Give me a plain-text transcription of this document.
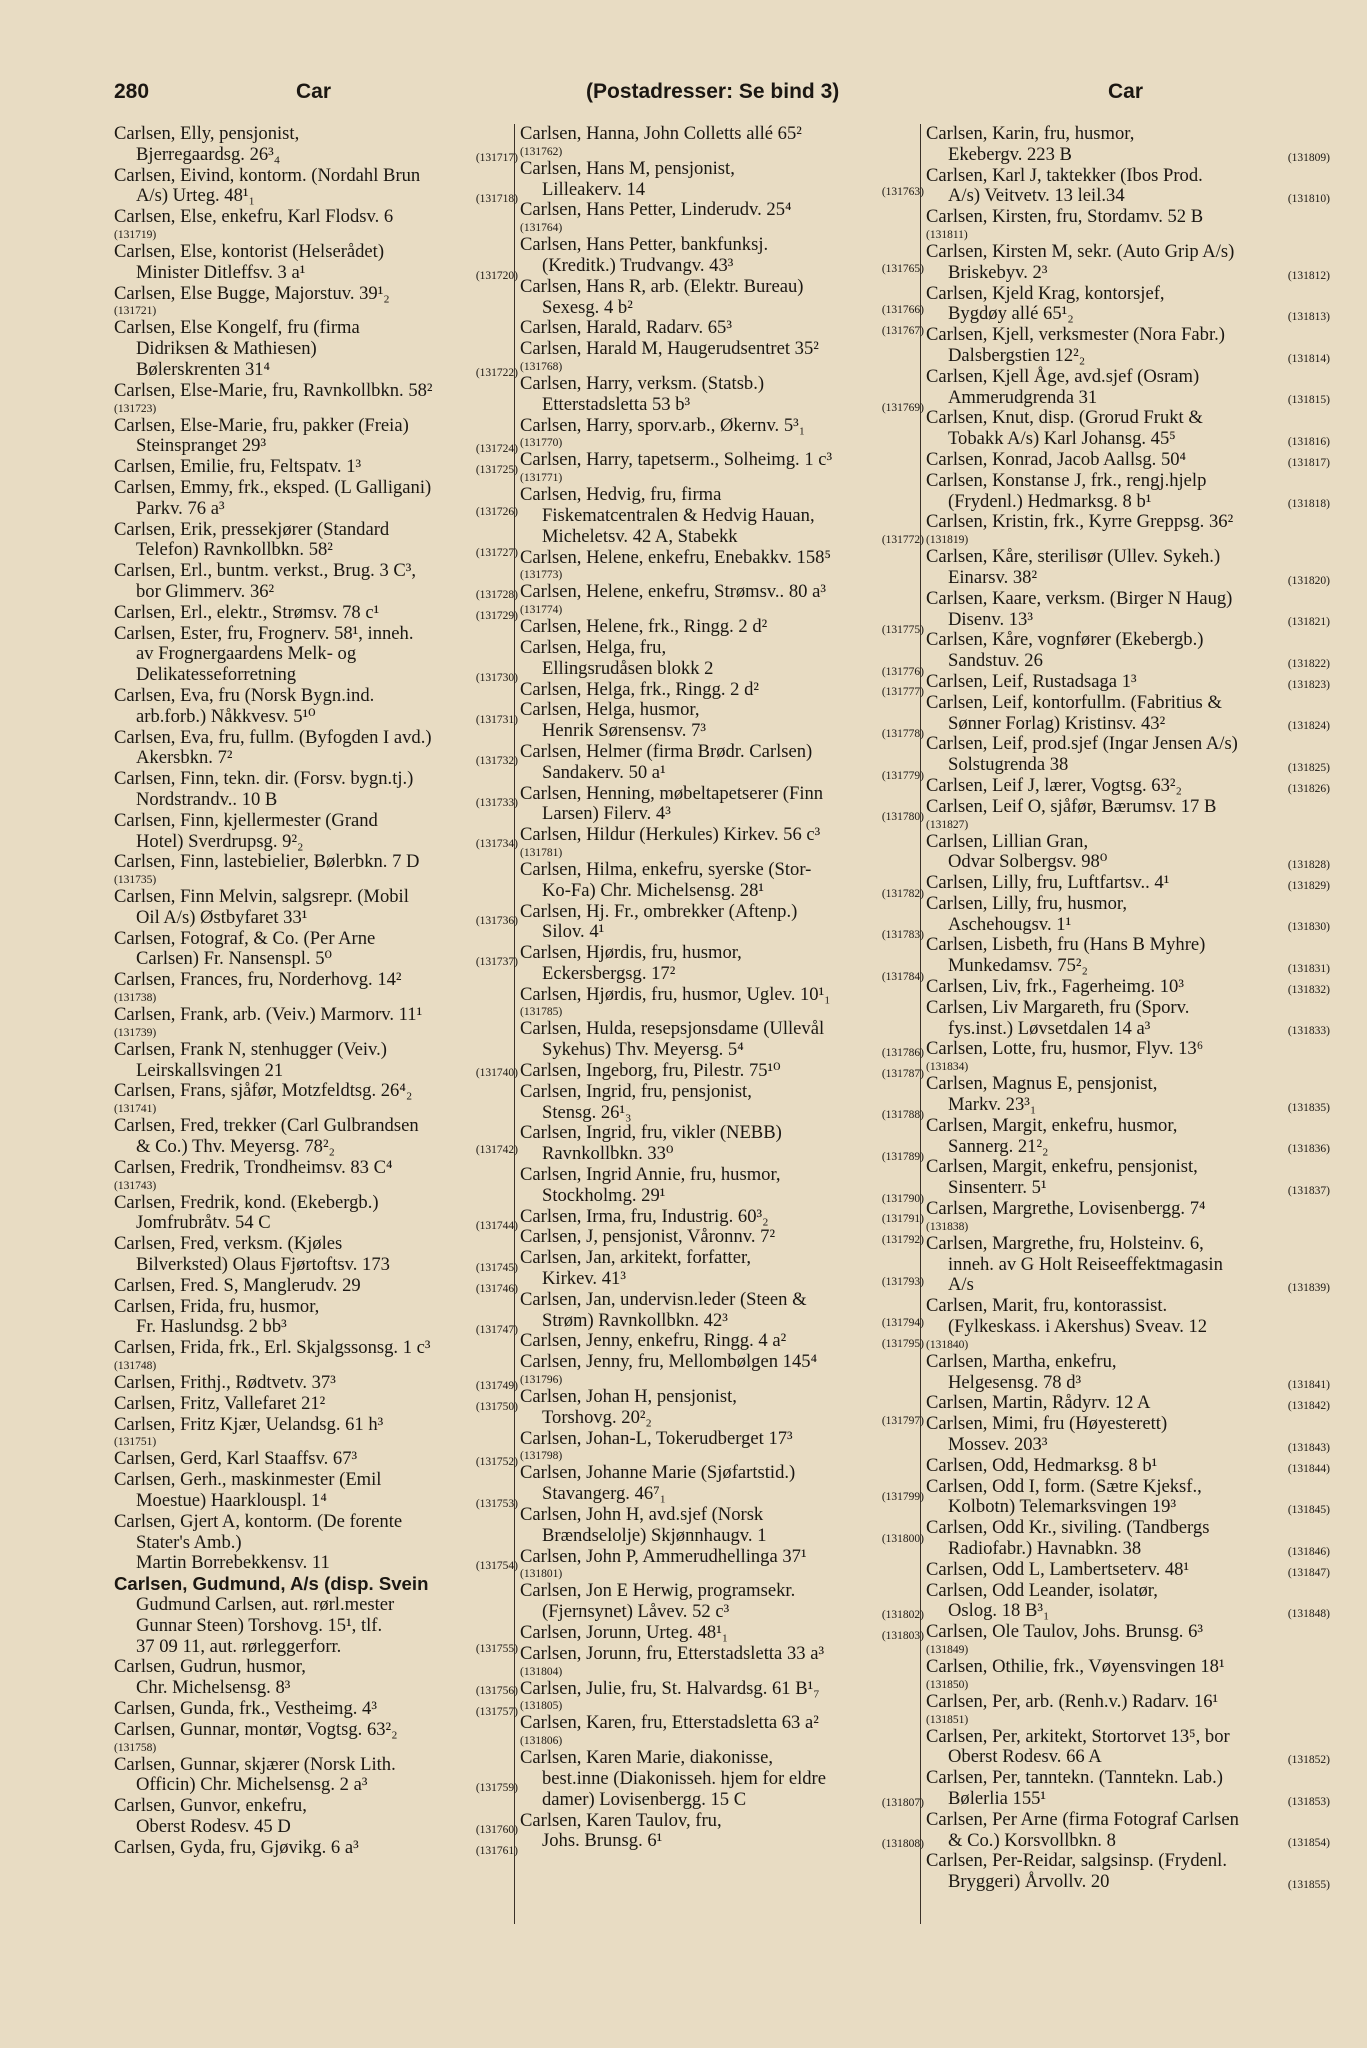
280	Car	(Postadresser: Se bind 3)	Car
Carlsen, Elly, pensjonist,
Bjerregaardsg. 26³₄	(131717)
Carlsen, Eivind, kontorm. (Nordahl Brun
A/s) Urteg. 48¹₁	(131718)
Carlsen, Else, enkefru, Karl Flodsv. 6
(131719)
Carlsen, Else, kontorist (Helserådet)
Minister Ditleffsv. 3 a¹	(131720)
Carlsen, Else Bugge, Majorstuv. 39¹₂
(131721)
Carlsen, Else Kongelf, fru (firma
Didriksen & Mathiesen)
Bølerskrenten 31⁴	(131722)
Carlsen, Else-Marie, fru, Ravnkollbkn. 58²
(131723)
Carlsen, Else-Marie, fru, pakker (Freia)
Steinspranget 29³	(131724)
Carlsen, Emilie, fru, Feltspatv. 1³	(131725)
Carlsen, Emmy, frk., eksped. (L Galligani)
Parkv. 76 a³	(131726)
Carlsen, Erik, pressekjører (Standard
Telefon) Ravnkollbkn. 58²	(131727)
Carlsen, Erl., buntm. verkst., Brug. 3 C³,
bor Glimmerv. 36²	(131728)
Carlsen, Erl., elektr., Strømsv. 78 c¹	(131729)
Carlsen, Ester, fru, Frognerv. 58¹, inneh.
av Frognergaardens Melk- og
Delikatesseforretning	(131730)
Carlsen, Eva, fru (Norsk Bygn.ind.
arb.forb.) Nåkkvesv. 5¹⁰	(131731)
Carlsen, Eva, fru, fullm. (Byfogden I avd.)
Akersbkn. 7²	(131732)
Carlsen, Finn, tekn. dir. (Forsv. bygn.tj.)
Nordstrandv.. 10 B	(131733)
Carlsen, Finn, kjellermester (Grand
Hotel) Sverdrupsg. 9²₂	(131734)
Carlsen, Finn, lastebielier, Bølerbkn. 7 D
(131735)
Carlsen, Finn Melvin, salgsrepr. (Mobil
Oil A/s) Østbyfaret 33¹	(131736)
Carlsen, Fotograf, & Co. (Per Arne
Carlsen) Fr. Nansenspl. 5⁰	(131737)
Carlsen, Frances, fru, Norderhovg. 14²
(131738)
Carlsen, Frank, arb. (Veiv.) Marmorv. 11¹
(131739)
Carlsen, Frank N, stenhugger (Veiv.)
Leirskallsvingen 21	(131740)
Carlsen, Frans, sjåfør, Motzfeldtsg. 26⁴₂
(131741)
Carlsen, Fred, trekker (Carl Gulbrandsen
& Co.) Thv. Meyersg. 78²₂	(131742)
Carlsen, Fredrik, Trondheimsv. 83 C⁴
(131743)
Carlsen, Fredrik, kond. (Ekebergb.)
Jomfrubråtv. 54 C	(131744)
Carlsen, Fred, verksm. (Kjøles
Bilverksted) Olaus Fjørtoftsv. 173	(131745)
Carlsen, Fred. S, Manglerudv. 29	(131746)
Carlsen, Frida, fru, husmor,
Fr. Haslundsg. 2 bb³	(131747)
Carlsen, Frida, frk., Erl. Skjalgssonsg. 1 c³
(131748)
Carlsen, Frithj., Rødtvetv. 37³	(131749)
Carlsen, Fritz, Vallefaret 21²	(131750)
Carlsen, Fritz Kjær, Uelandsg. 61 h³
(131751)
Carlsen, Gerd, Karl Staaffsv. 67³	(131752)
Carlsen, Gerh., maskinmester (Emil
Moestue) Haarklouspl. 1⁴	(131753)
Carlsen, Gjert A, kontorm. (De forente
Stater's Amb.)
Martin Borrebekkensv. 11	(131754)
Carlsen, Gudmund, A/s (disp. Svein
Gudmund Carlsen, aut. rørl.mester
Gunnar Steen) Torshovg. 15¹, tlf.
37 09 11, aut. rørleggerforr.	(131755)
Carlsen, Gudrun, husmor,
Chr. Michelsensg. 8³	(131756)
Carlsen, Gunda, frk., Vestheimg. 4³	(131757)
Carlsen, Gunnar, montør, Vogtsg. 63²₂
(131758)
Carlsen, Gunnar, skjærer (Norsk Lith.
Officin) Chr. Michelsensg. 2 a³	(131759)
Carlsen, Gunvor, enkefru,
Oberst Rodesv. 45 D	(131760)
Carlsen, Gyda, fru, Gjøvikg. 6 a³	(131761)
Carlsen, Hanna, John Colletts allé 65²
(131762)
Carlsen, Hans M, pensjonist,
Lilleakerv. 14	(131763)
Carlsen, Hans Petter, Linderudv. 25⁴
(131764)
Carlsen, Hans Petter, bankfunksj.
(Kreditk.) Trudvangv. 43³	(131765)
Carlsen, Hans R, arb. (Elektr. Bureau)
Sexesg. 4 b²	(131766)
Carlsen, Harald, Radarv. 65³	(131767)
Carlsen, Harald M, Haugerudsentret 35²
(131768)
Carlsen, Harry, verksm. (Statsb.)
Etterstadsletta 53 b³	(131769)
Carlsen, Harry, sporv.arb., Økernv. 5³₁
(131770)
Carlsen, Harry, tapetserm., Solheimg. 1 c³
(131771)
Carlsen, Hedvig, fru, firma
Fiskematcentralen & Hedvig Hauan,
Micheletsv. 42 A, Stabekk	(131772)
Carlsen, Helene, enkefru, Enebakkv. 158⁵
(131773)
Carlsen, Helene, enkefru, Strømsv.. 80 a³
(131774)
Carlsen, Helene, frk., Ringg. 2 d²	(131775)
Carlsen, Helga, fru,
Ellingsrudåsen blokk 2	(131776)
Carlsen, Helga, frk., Ringg. 2 d²	(131777)
Carlsen, Helga, husmor,
Henrik Sørensensv. 7³	(131778)
Carlsen, Helmer (firma Brødr. Carlsen)
Sandakerv. 50 a¹	(131779)
Carlsen, Henning, møbeltapetserer (Finn
Larsen) Filerv. 4³	(131780)
Carlsen, Hildur (Herkules) Kirkev. 56 c³
(131781)
Carlsen, Hilma, enkefru, syerske (Stor-
Ko-Fa) Chr. Michelsensg. 28¹	(131782)
Carlsen, Hj. Fr., ombrekker (Aftenp.)
Silov. 4¹	(131783)
Carlsen, Hjørdis, fru, husmor,
Eckersbergsg. 17²	(131784)
Carlsen, Hjørdis, fru, husmor, Uglev. 10¹₁
(131785)
Carlsen, Hulda, resepsjonsdame (Ullevål
Sykehus) Thv. Meyersg. 5⁴	(131786)
Carlsen, Ingeborg, fru, Pilestr. 75¹⁰	(131787)
Carlsen, Ingrid, fru, pensjonist,
Stensg. 26¹₃	(131788)
Carlsen, Ingrid, fru, vikler (NEBB)
Ravnkollbkn. 33⁰	(131789)
Carlsen, Ingrid Annie, fru, husmor,
Stockholmg. 29¹	(131790)
Carlsen, Irma, fru, Industrig. 60³₂	(131791)
Carlsen, J, pensjonist, Våronnv. 7²	(131792)
Carlsen, Jan, arkitekt, forfatter,
Kirkev. 41³	(131793)
Carlsen, Jan, undervisn.leder (Steen &
Strøm) Ravnkollbkn. 42³	(131794)
Carlsen, Jenny, enkefru, Ringg. 4 a²	(131795)
Carlsen, Jenny, fru, Mellombølgen 145⁴
(131796)
Carlsen, Johan H, pensjonist,
Torshovg. 20²₂	(131797)
Carlsen, Johan-L, Tokerudberget 17³
(131798)
Carlsen, Johanne Marie (Sjøfartstid.)
Stavangerg. 46⁷₁	(131799)
Carlsen, John H, avd.sjef (Norsk
Brændselolje) Skjønnhaugv. 1	(131800)
Carlsen, John P, Ammerudhellinga 37¹
(131801)
Carlsen, Jon E Herwig, programsekr.
(Fjernsynet) Låvev. 52 c³	(131802)
Carlsen, Jorunn, Urteg. 48¹₁	(131803)
Carlsen, Jorunn, fru, Etterstadsletta 33 a³
(131804)
Carlsen, Julie, fru, St. Halvardsg. 61 B¹₇
(131805)
Carlsen, Karen, fru, Etterstadsletta 63 a²
(131806)
Carlsen, Karen Marie, diakonisse,
best.inne (Diakonisseh. hjem for eldre
damer) Lovisenbergg. 15 C	(131807)
Carlsen, Karen Taulov, fru,
Johs. Brunsg. 6¹	(131808)
Carlsen, Karin, fru, husmor,
Ekebergv. 223 B	(131809)
Carlsen, Karl J, taktekker (Ibos Prod.
A/s) Veitvetv. 13 leil.34	(131810)
Carlsen, Kirsten, fru, Stordamv. 52 B
(131811)
Carlsen, Kirsten M, sekr. (Auto Grip A/s)
Briskebyv. 2³	(131812)
Carlsen, Kjeld Krag, kontorsjef,
Bygdøy allé 65¹₂	(131813)
Carlsen, Kjell, verksmester (Nora Fabr.)
Dalsbergstien 12²₂	(131814)
Carlsen, Kjell Åge, avd.sjef (Osram)
Ammerudgrenda 31	(131815)
Carlsen, Knut, disp. (Grorud Frukt &
Tobakk A/s) Karl Johansg. 45⁵	(131816)
Carlsen, Konrad, Jacob Aallsg. 50⁴	(131817)
Carlsen, Konstanse J, frk., rengj.hjelp
(Frydenl.) Hedmarksg. 8 b¹	(131818)
Carlsen, Kristin, frk., Kyrre Greppsg. 36²
(131819)
Carlsen, Kåre, sterilisør (Ullev. Sykeh.)
Einarsv. 38²	(131820)
Carlsen, Kaare, verksm. (Birger N Haug)
Disenv. 13³	(131821)
Carlsen, Kåre, vognfører (Ekebergb.)
Sandstuv. 26	(131822)
Carlsen, Leif, Rustadsaga 1³	(131823)
Carlsen, Leif, kontorfullm. (Fabritius &
Sønner Forlag) Kristinsv. 43²	(131824)
Carlsen, Leif, prod.sjef (Ingar Jensen A/s)
Solstugrenda 38	(131825)
Carlsen, Leif J, lærer, Vogtsg. 63²₂	(131826)
Carlsen, Leif O, sjåfør, Bærumsv. 17 B
(131827)
Carlsen, Lillian Gran,
Odvar Solbergsv. 98⁰	(131828)
Carlsen, Lilly, fru, Luftfartsv.. 4¹	(131829)
Carlsen, Lilly, fru, husmor,
Aschehougsv. 1¹	(131830)
Carlsen, Lisbeth, fru (Hans B Myhre)
Munkedamsv. 75²₂	(131831)
Carlsen, Liv, frk., Fagerheimg. 10³	(131832)
Carlsen, Liv Margareth, fru (Sporv.
fys.inst.) Løvsetdalen 14 a³	(131833)
Carlsen, Lotte, fru, husmor, Flyv. 13⁶
(131834)
Carlsen, Magnus E, pensjonist,
Markv. 23³₁	(131835)
Carlsen, Margit, enkefru, husmor,
Sannerg. 21²₂	(131836)
Carlsen, Margit, enkefru, pensjonist,
Sinsenterr. 5¹	(131837)
Carlsen, Margrethe, Lovisenbergg. 7⁴
(131838)
Carlsen, Margrethe, fru, Holsteinv. 6,
inneh. av G Holt Reiseeffektmagasin
A/s	(131839)
Carlsen, Marit, fru, kontorassist.
(Fylkeskass. i Akershus) Sveav. 12
(131840)
Carlsen, Martha, enkefru,
Helgesensg. 78 d³	(131841)
Carlsen, Martin, Rådyrv. 12 A	(131842)
Carlsen, Mimi, fru (Høyesterett)
Mossev. 203³	(131843)
Carlsen, Odd, Hedmarksg. 8 b¹	(131844)
Carlsen, Odd I, form. (Sætre Kjeksf.,
Kolbotn) Telemarksvingen 19³	(131845)
Carlsen, Odd Kr., siviling. (Tandbergs
Radiofabr.) Havnabkn. 38	(131846)
Carlsen, Odd L, Lambertseterv. 48¹	(131847)
Carlsen, Odd Leander, isolatør,
Oslog. 18 B³₁	(131848)
Carlsen, Ole Taulov, Johs. Brunsg. 6³
(131849)
Carlsen, Othilie, frk., Vøyensvingen 18¹
(131850)
Carlsen, Per, arb. (Renh.v.) Radarv. 16¹
(131851)
Carlsen, Per, arkitekt, Stortorvet 13⁵, bor
Oberst Rodesv. 66 A	(131852)
Carlsen, Per, tanntekn. (Tanntekn. Lab.)
Bølerlia 155¹	(131853)
Carlsen, Per Arne (firma Fotograf Carlsen
& Co.) Korsvollbkn. 8	(131854)
Carlsen, Per-Reidar, salgsinsp. (Frydenl.
Bryggeri) Årvollv. 20	(131855)
